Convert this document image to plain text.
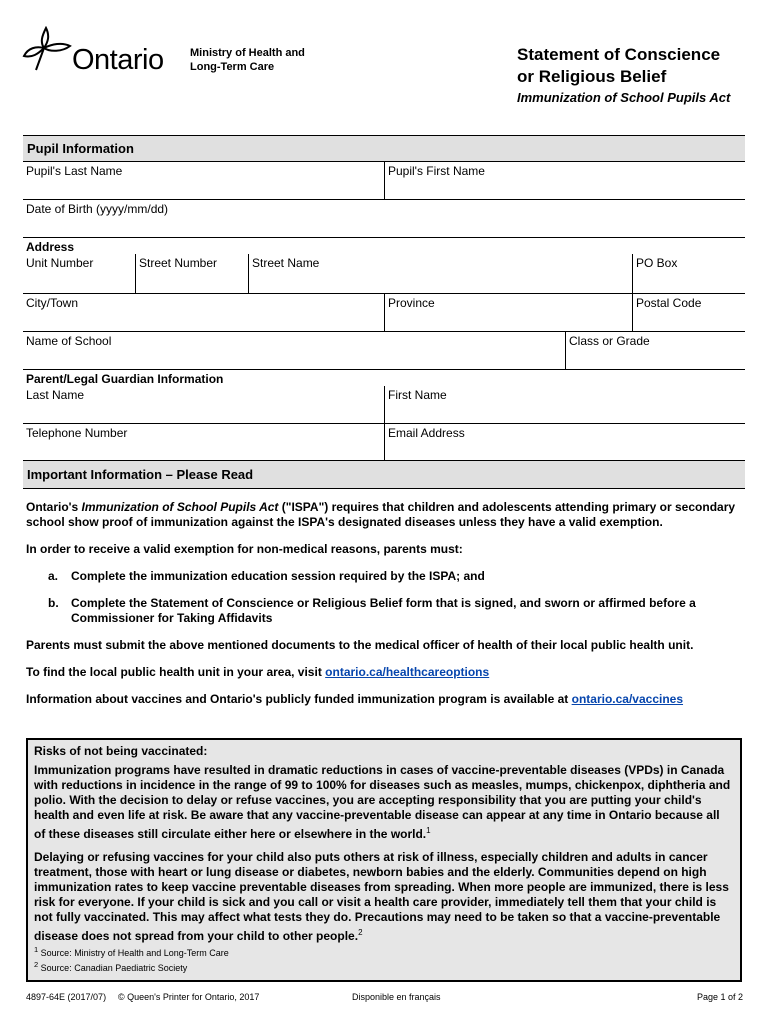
Ontario Ministry of Health and
Long-Term Care
Statement of Conscience
or Religious Belief
Immunization of School Pupils Act
Pupil Information
Pupil's Last Name	Pupil's First Name
Date of Birth (yyyy/mm/dd)
Address
Unit Number	Street Number	Street Name	PO Box
City/Town	Province	Postal Code
Name of School	Class or Grade
Parent/Legal Guardian Information
Last Name	First Name
Telephone Number	Email Address
Important Information – Please Read

Ontario's Immunization of School Pupils Act ("ISPA") requires that children and adolescents attending primary or secondary school show proof of immunization against the ISPA's designated diseases unless they have a valid exemption.

In order to receive a valid exemption for non-medical reasons, parents must:

a.	Complete the immunization education session required by the ISPA; and
b.	Complete the Statement of Conscience or Religious Belief form that is signed, and sworn or affirmed before a Commissioner for Taking Affidavits

Parents must submit the above mentioned documents to the medical officer of health of their local public health unit.

To find the local public health unit in your area, visit ontario.ca/healthcareoptions

Information about vaccines and Ontario's publicly funded immunization program is available at ontario.ca/vaccines

Risks of not being vaccinated:

Immunization programs have resulted in dramatic reductions in cases of vaccine-preventable diseases (VPDs) in Canada with reductions in incidence in the range of 99 to 100% for diseases such as measles, mumps, chickenpox, diphtheria and polio. With the decision to delay or refuse vaccines, you are accepting responsibility that you are putting your child's health and even life at risk. Be aware that any vaccine-preventable disease can appear at any time in Ontario because all of these diseases still circulate either here or elsewhere in the world.$^1$

Delaying or refusing vaccines for your child also puts others at risk of illness, especially children and adults in cancer treatment, those with heart or lung disease or diabetes, newborn babies and the elderly. Communities depend on high immunization rates to keep vaccine preventable diseases from spreading. When more people are immunized, there is less risk for everyone. If your child is sick and you call or visit a health care provider, immediately tell them that your child is not fully vaccinated. This may affect what tests they do. Precautions may need to be taken so that a vaccine-preventable disease does not spread from your child to other people.$^2$

$^1$ Source: Ministry of Health and Long-Term Care
$^2$ Source: Canadian Paediatric Society
4897-64E (2017/07) © Queen's Printer for Ontario, 2017	Disponible en français	Page 1 of 2
